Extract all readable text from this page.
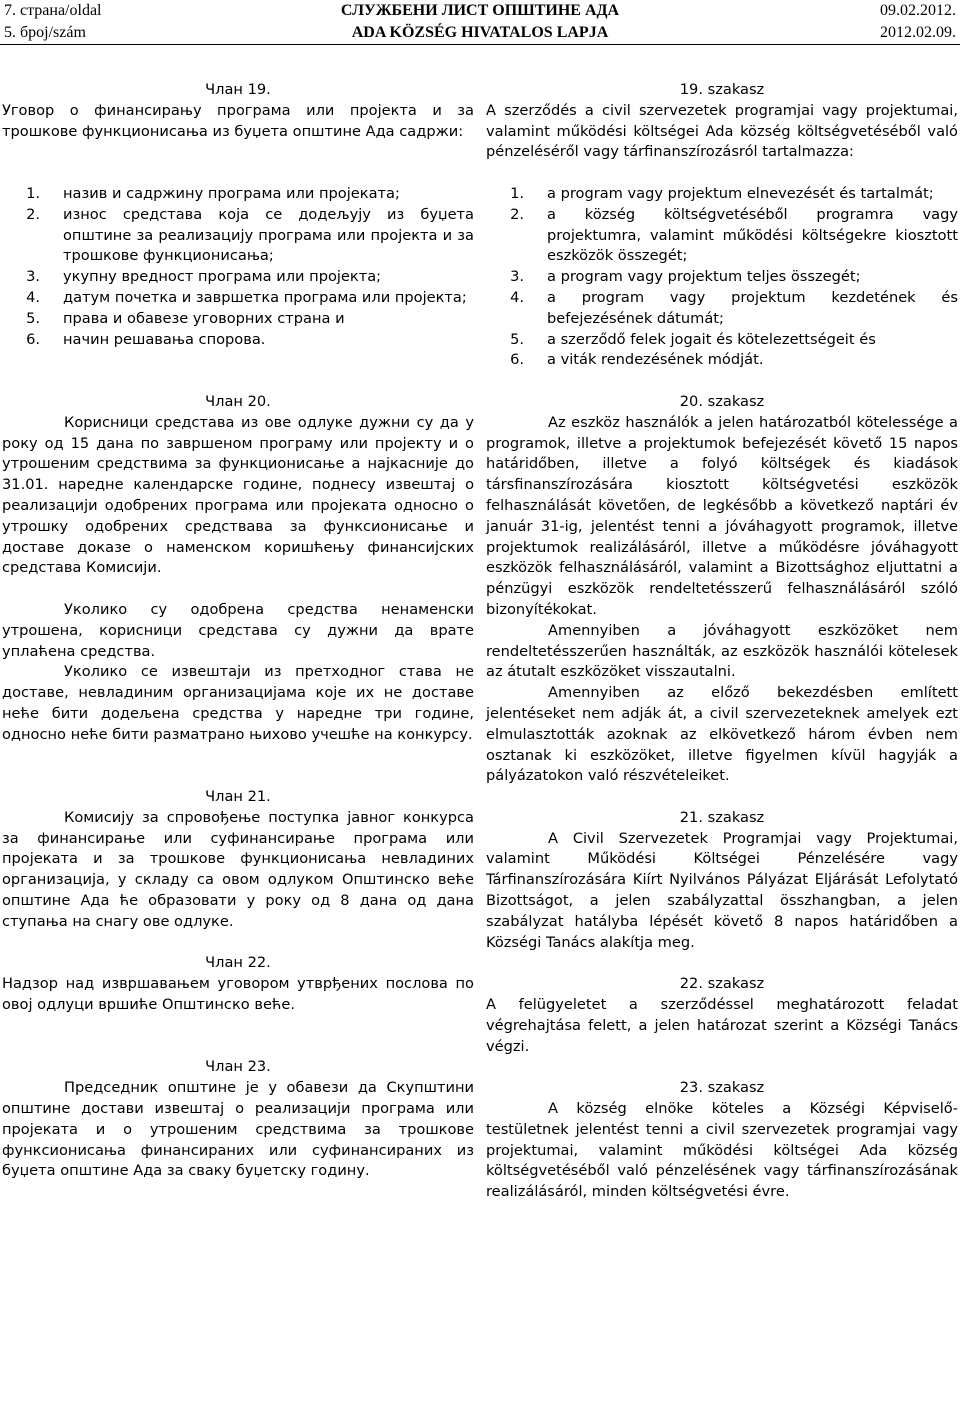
7. страна/oldal
5. број/szám
СЛУЖБЕНИ ЛИСТ ОПШТИНЕ АДА
ADA KÖZSÉG HIVATALOS LAPJA
09.02.2012.
2012.02.09.
Члан 19.

Уговор о финансирању програма или пројекта и за трошкове функционисања из буџета општине Ада садржи:

1. назив и садржину програма или пројеката;
2. износ средстава која се додељују из буџета општине за реализацију програма или пројекта и за трошкове функционисања;
3. укупну вредност програма или пројекта;
4. датум почетка и завршетка програма или пројекта;
5. права и обавезе уговорних страна и
6. начин решавања спорова.
Члан 20.

Корисници средстава из ове одлуке дужни су да у року од 15 дана по завршеном програму или пројекту и о утрошеним средствима за функционисање а најкасније до 31.01. наредне календарске године, поднесу извештај о реализацији одобрених програма или пројеката односно о утрошку одобрених средствава за функсионисање и доставе доказе о наменском коришћењу финансијских средстава Комисији.

Уколико су одобрена средства ненаменски утрошена, корисници средстава су дужни да врате уплаћена средства.

Уколико се извештаји из претходног става не доставе, невладиним организацијама које их не доставе неће бити додељена средства у наредне три године, односно неће бити разматрано њихово учешће на конкурсу.

Члан 21.

Комисију за спровођење поступка јавног конкурса за финансирање или суфинансирање програма или пројеката и за трошкове функционисања невладиних организација, у складу са овом одлуком Општинско веће општине Ада ће образовати у року од 8 дана од дана ступања на снагу ове одлуке.

Члан 22.

Надзор над извршавањем уговором утврђених послова по овој одлуци вршиће Општинско веће.

Члан 23.

Председник општине је у обавези да Скупштини општине достави извештај о реализацији програма или пројеката и о утрошеним средствима за трошкове функсионисања финансираних или суфинансираних из буџета општине Ада за сваку буџетску годину.

19. szakasz

A szerződés a civil szervezetek programjai vagy projektumai, valamint működési költségei Ada község költségvetéséből való pénzeléséről vagy tárfinanszírozásról tartalmazza:

1. a program vagy projektum elnevezését és tartalmát;
2. a község költségvetéséből programra vagy projektumra, valamint működési költségekre kiosztott eszközök összegét;
3. a program vagy projektum teljes összegét;
4. a program vagy projektum kezdetének és befejezésének dátumát;
5. a szerződő felek jogait és kötelezettségeit és
6. a viták rendezésének módját.
20. szakasz

Az eszköz használók a jelen határozatból kötelessége a programok, illetve a projektumok befejezését követő 15 napos határidőben, illetve a folyó költségek és kiadások társfinanszírozására kiosztott költségvetési eszközök felhasználását követően, de legkésőbb a következő naptári év január 31-ig, jelentést tenni a jóváhagyott programok, illetve projektumok realizálásáról, illetve a működésre jóváhagyott eszközök felhasználásáról, valamint a Bizottsághoz eljuttatni a pénzügyi eszközök rendeltetésszerű felhasználásáról szóló bizonyítékokat.

Amennyiben a jóváhagyott eszközöket nem rendeltetésszerűen használták, az eszközök használói kötelesek az átutalt eszközöket visszautalni.

Amennyiben az előző bekezdésben említett jelentéseket nem adják át, a civil szervezeteknek amelyek ezt elmulasztották azoknak az elkövetkező három évben nem osztanak ki eszközöket, illetve figyelmen kívül hagyják a pályázatokon való részvételeiket.

21. szakasz

A Civil Szervezetek Programjai vagy Projektumai, valamint Működési Költségei Pénzelésére vagy Tárfinanszírozására Kiírt Nyilvános Pályázat Eljárását Lefolytató Bizottságot, a jelen szabályzattal összhangban, a jelen szabályzat hatályba lépését követő 8 napos határidőben a Községi Tanács alakítja meg.

22. szakasz

A felügyeletet a szerződéssel meghatározott feladat végrehajtása felett, a jelen határozat szerint a Községi Tanács végzi.

23. szakasz

A község elnöke köteles a Községi Képviselő-testületnek jelentést tenni a civil szervezetek programjai vagy projektumai, valamint működési költségei Ada község költségvetéséből való pénzelésének vagy tárfinanszírozásának realizálásáról, minden költségvetési évre.
